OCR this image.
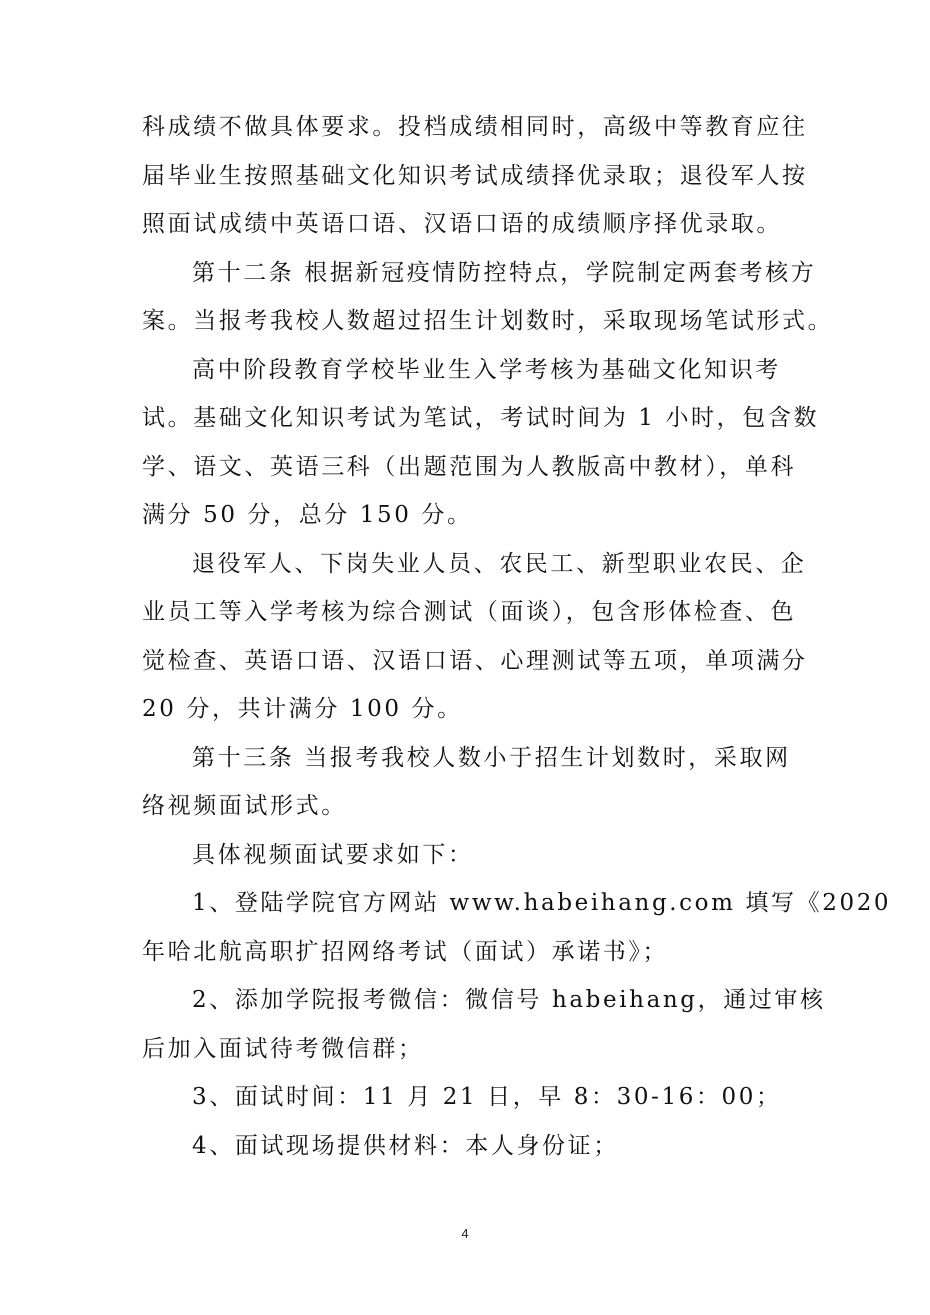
科成绩不做具体要求。投档成绩相同时，高级中等教育应往
届毕业生按照基础文化知识考试成绩择优录取；退役军人按
照面试成绩中英语口语、汉语口语的成绩顺序择优录取。
第十二条 根据新冠疫情防控特点，学院制定两套考核方
案。当报考我校人数超过招生计划数时，采取现场笔试形式。
高中阶段教育学校毕业生入学考核为基础文化知识考
试。基础文化知识考试为笔试，考试时间为 1 小时，包含数
学、语文、英语三科（出题范围为人教版高中教材），单科
满分 50 分，总分 150 分。
退役军人、下岗失业人员、农民工、新型职业农民、企
业员工等入学考核为综合测试（面谈），包含形体检查、色
觉检查、英语口语、汉语口语、心理测试等五项，单项满分
20 分，共计满分 100 分。
第十三条 当报考我校人数小于招生计划数时，采取网
络视频面试形式。
具体视频面试要求如下：
1、登陆学院官方网站 www.habeihang.com 填写《2020
年哈北航高职扩招网络考试（面试）承诺书》；
2、添加学院报考微信：微信号 habeihang，通过审核
后加入面试待考微信群；
3、面试时间：11 月 21 日，早 8：30-16：00；
4、面试现场提供材料：本人身份证；
4
